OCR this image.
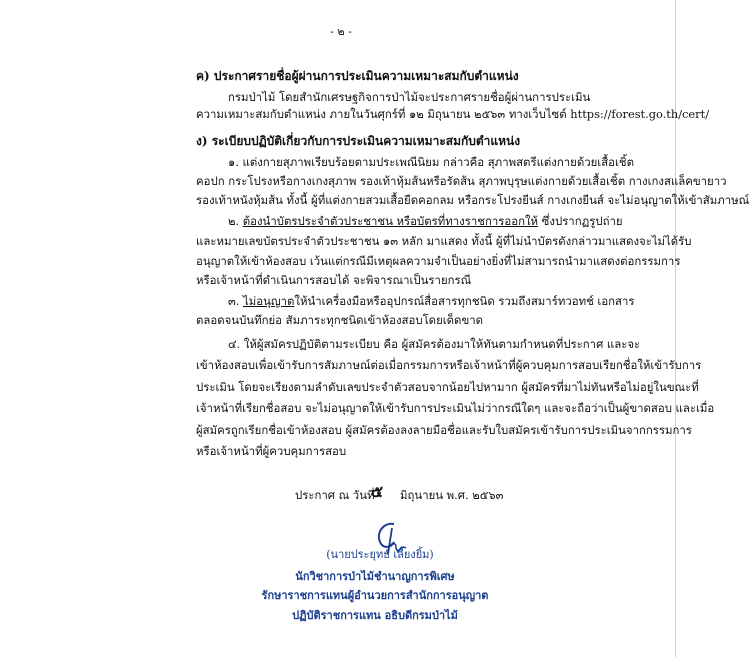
- ๒ -
ค) ประกาศรายชื่อผู้ผ่านการประเมินความเหมาะสมกับตำแหน่ง
กรมป่าไม้ โดยสำนักเศรษฐกิจการป่าไม้จะประกาศรายชื่อผู้ผ่านการประเมิน
ความเหมาะสมกับตำแหน่ง ภายในวันศุกร์ที่ ๑๒ มิถุนายน ๒๕๖๓ ทางเว็บไซต์ https://forest.go.th/cert/
ง) ระเบียบปฏิบัติเกี่ยวกับการประเมินความเหมาะสมกับตำแหน่ง
๑. แต่งกายสุภาพเรียบร้อยตามประเพณีนิยม กล่าวคือ สุภาพสตรีแต่งกายด้วยเสื้อเชิ้ต
คอปก กระโปรงหรือกางเกงสุภาพ รองเท้าหุ้มส้นหรือรัดส้น สุภาพบุรุษแต่งกายด้วยเสื้อเชิ้ต กางเกงสแล็คขายาว
รองเท้าหนังหุ้มส้น ทั้งนี้ ผู้ที่แต่งกายสวมเสื้อยืดคอกลม หรือกระโปรงยีนส์ กางเกงยีนส์ จะไม่อนุญาตให้เข้าสัมภาษณ์
๒. ต้องนำบัตรประจำตัวประชาชน หรือบัตรที่ทางราชการออกให้ ซึ่งปรากฏรูปถ่าย
และหมายเลขบัตรประจำตัวประชาชน ๑๓ หลัก มาแสดง ทั้งนี้ ผู้ที่ไม่นำบัตรดังกล่าวมาแสดงจะไม่ได้รับ
อนุญาตให้เข้าห้องสอบ เว้นแต่กรณีมีเหตุผลความจำเป็นอย่างยิ่งที่ไม่สามารถนำมาแสดงต่อกรรมการ
หรือเจ้าหน้าที่ดำเนินการสอบได้ จะพิจารณาเป็นรายกรณี
๓. ไม่อนุญาตให้นำเครื่องมือหรืออุปกรณ์สื่อสารทุกชนิด รวมถึงสมาร์ทวอทช์ เอกสาร
ตลอดจนบันทึกย่อ สัมภาระทุกชนิดเข้าห้องสอบโดยเด็ดขาด
๔. ให้ผู้สมัครปฏิบัติตามระเบียบ คือ ผู้สมัครต้องมาให้ทันตามกำหนดที่ประกาศ และจะ
เข้าห้องสอบเพื่อเข้ารับการสัมภาษณ์ต่อเมื่อกรรมการหรือเจ้าหน้าที่ผู้ควบคุมการสอบเรียกชื่อให้เข้ารับการ
ประเมิน โดยจะเรียงตามลำดับเลขประจำตัวสอบจากน้อยไปหามาก ผู้สมัครที่มาไม่ทันหรือไม่อยู่ในขณะที่
เจ้าหน้าที่เรียกชื่อสอบ จะไม่อนุญาตให้เข้ารับการประเมินไม่ว่ากรณีใดๆ และจะถือว่าเป็นผู้ขาดสอบ และเมื่อ
ผู้สมัครถูกเรียกชื่อเข้าห้องสอบ ผู้สมัครต้องลงลายมือชื่อและรับใบสมัครเข้ารับการประเมินจากกรรมการ
หรือเจ้าหน้าที่ผู้ควบคุมการสอบ
ประกาศ ณ วันที่
๕ มิถุนายน พ.ศ. ๒๕๖๓
(นายประยุทธ์ เลี้ยงยิ้ม)
นักวิชาการป่าไม้ชำนาญการพิเศษ
รักษาราชการแทนผู้อำนวยการสำนักการอนุญาต
ปฏิบัติราชการแทน อธิบดีกรมป่าไม้
